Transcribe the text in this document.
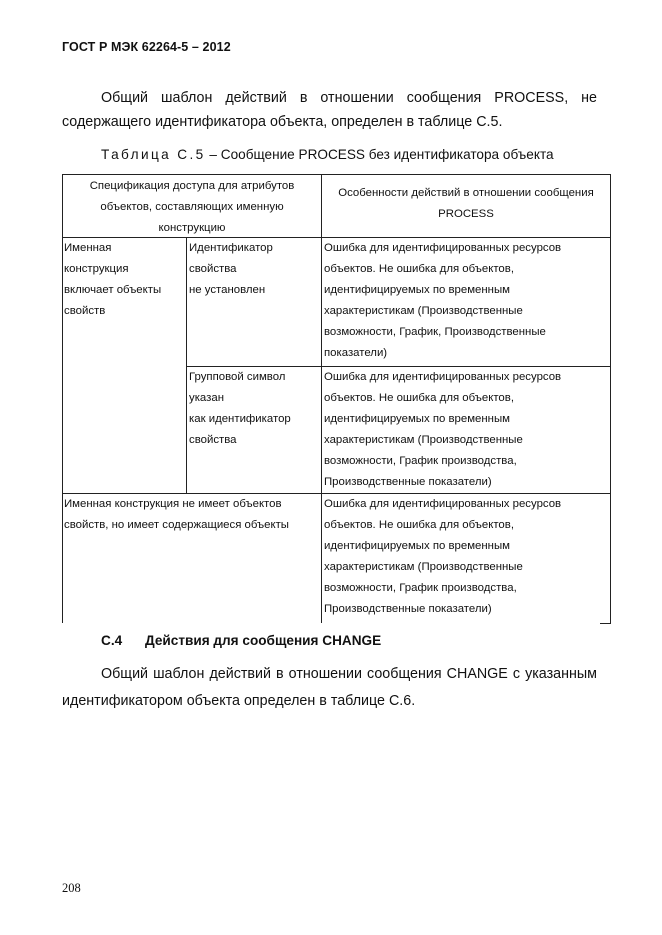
ГОСТ Р МЭК 62264-5 – 2012
Общий шаблон действий в отношении сообщения PROCESS, не
содержащего идентификатора объекта, определен в таблице С.5.
Таблица С.5 – Сообщение PROCESS без идентификатора объекта
Спецификация доступа для атрибутов
объектов, составляющих именную
конструкцию
Особенности действий в отношении сообщения
PROCESS
Именная
конструкция
включает объекты
свойств
Идентификатор
свойства
не установлен
Ошибка для идентифицированных ресурсов
объектов. Не ошибка для объектов,
идентифицируемых по временным
характеристикам (Производственные
возможности, График, Производственные
показатели)
Групповой символ
указан
как идентификатор
свойства
Ошибка для идентифицированных ресурсов
объектов. Не ошибка для объектов,
идентифицируемых по временным
характеристикам (Производственные
возможности, График производства,
Производственные показатели)
Именная конструкция не имеет объектов
свойств, но имеет содержащиеся объекты
Ошибка для идентифицированных ресурсов
объектов. Не ошибка для объектов,
идентифицируемых по временным
характеристикам (Производственные
возможности, График производства,
Производственные показатели)
С.4 Действия для сообщения CHANGE
Общий шаблон действий в отношении сообщения CHANGE с указанным
идентификатором объекта определен в таблице С.6.
208
